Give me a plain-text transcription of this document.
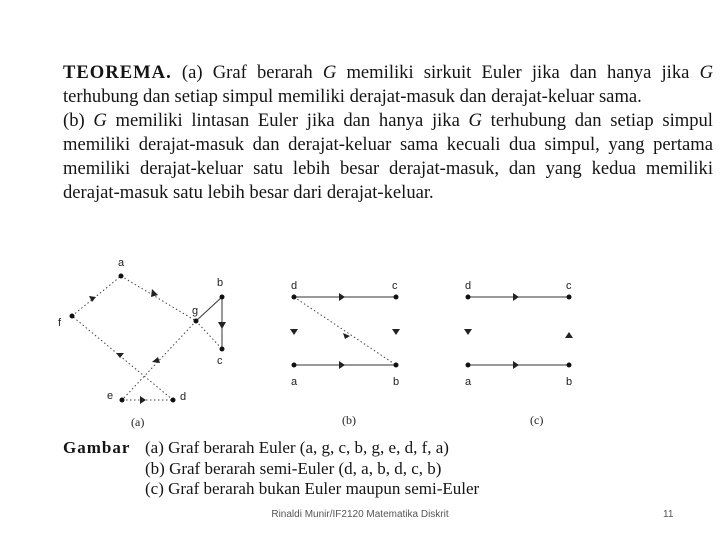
TEOREMA. (a) Graf berarah G memiliki sirkuit Euler jika dan hanya jika G terhubung dan setiap simpul memiliki derajat-masuk dan derajat-keluar sama.

(b) G memiliki lintasan Euler jika dan hanya jika G terhubung dan setiap simpul memiliki derajat-masuk dan derajat-keluar sama kecuali dua simpul, yang pertama memiliki derajat-keluar satu lebih besar derajat-masuk, dan yang kedua memiliki derajat-masuk satu lebih besar dari derajat-keluar.

a
b
c
d
e
f
g
(a)
d	c
a	b
(b)
d	c
a	b
(c)
Gambar (a) Graf berarah Euler (a, g, c, b, g, e, d, f, a)
(b) Graf berarah semi-Euler (d, a, b, d, c, b)
(c) Graf berarah bukan Euler maupun semi-Euler
Rinaldi Munir/IF2120 Matematika Diskrit	11
